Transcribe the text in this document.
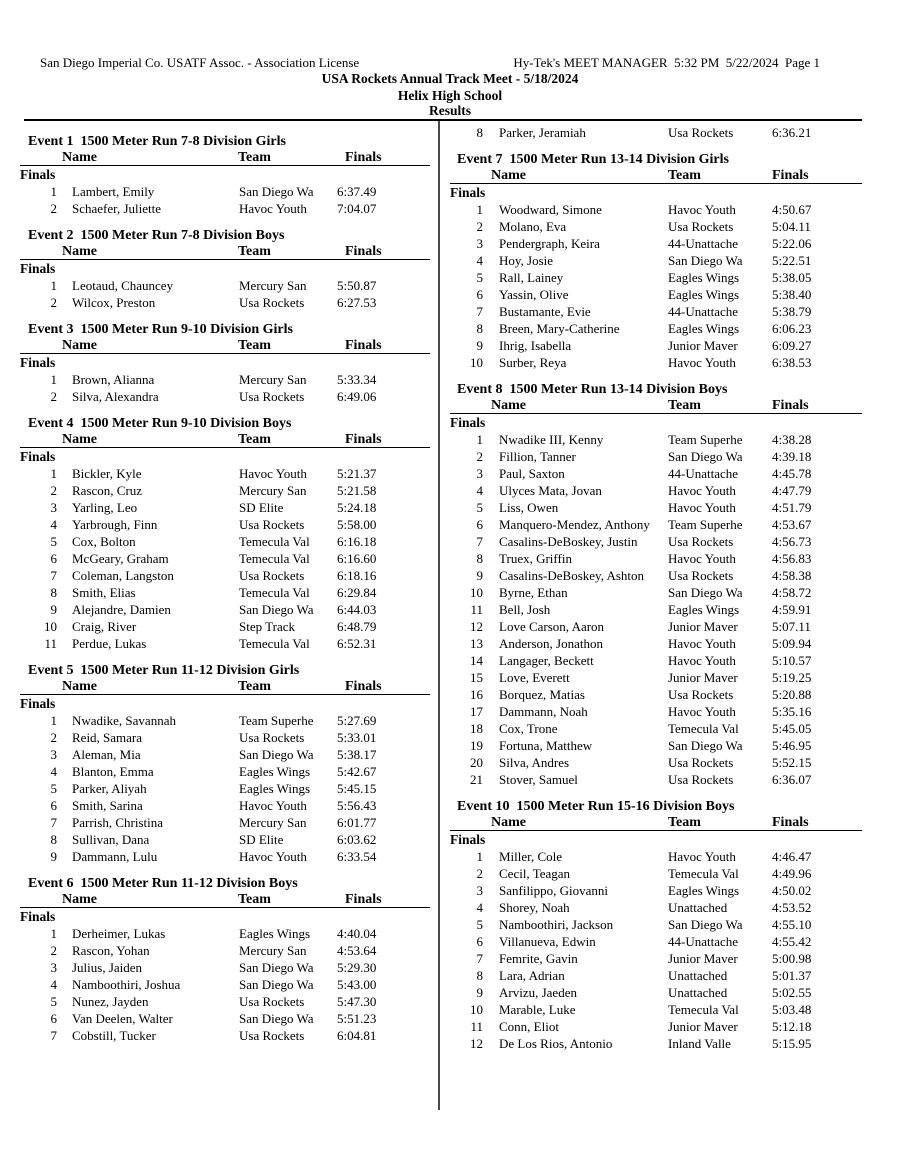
San Diego Imperial Co. USATF Assoc. - Association License	Hy-Tek's MEET MANAGER  5:32 PM  5/22/2024  Page 1
USA Rockets Annual Track Meet - 5/18/2024
Helix High School
Results
Event 1  1500 Meter Run 7-8 Division Girls
Name	Team	Finals
Finals
1	Lambert, Emily	San Diego Wa	6:37.49
2	Schaefer, Juliette	Havoc Youth	7:04.07
Event 2  1500 Meter Run 7-8 Division Boys
Name	Team	Finals
Finals
1	Leotaud, Chauncey	Mercury San	5:50.87
2	Wilcox, Preston	Usa Rockets	6:27.53
Event 3  1500 Meter Run 9-10 Division Girls
Name	Team	Finals
Finals
1	Brown, Alianna	Mercury San	5:33.34
2	Silva, Alexandra	Usa Rockets	6:49.06
Event 4  1500 Meter Run 9-10 Division Boys
Name	Team	Finals
Finals
1	Bickler, Kyle	Havoc Youth	5:21.37
2	Rascon, Cruz	Mercury San	5:21.58
3	Yarling, Leo	SD Elite	5:24.18
4	Yarbrough, Finn	Usa Rockets	5:58.00
5	Cox, Bolton	Temecula Val	6:16.18
6	McGeary, Graham	Temecula Val	6:16.60
7	Coleman, Langston	Usa Rockets	6:18.16
8	Smith, Elias	Temecula Val	6:29.84
9	Alejandre, Damien	San Diego Wa	6:44.03
10	Craig, River	Step Track	6:48.79
11	Perdue, Lukas	Temecula Val	6:52.31
Event 5  1500 Meter Run 11-12 Division Girls
Name	Team	Finals
Finals
1	Nwadike, Savannah	Team Superhe	5:27.69
2	Reid, Samara	Usa Rockets	5:33.01
3	Aleman, Mia	San Diego Wa	5:38.17
4	Blanton, Emma	Eagles Wings	5:42.67
5	Parker, Aliyah	Eagles Wings	5:45.15
6	Smith, Sarina	Havoc Youth	5:56.43
7	Parrish, Christina	Mercury San	6:01.77
8	Sullivan, Dana	SD Elite	6:03.62
9	Dammann, Lulu	Havoc Youth	6:33.54
Event 6  1500 Meter Run 11-12 Division Boys
Name	Team	Finals
Finals
1	Derheimer, Lukas	Eagles Wings	4:40.04
2	Rascon, Yohan	Mercury San	4:53.64
3	Julius, Jaiden	San Diego Wa	5:29.30
4	Namboothiri, Joshua	San Diego Wa	5:43.00
5	Nunez, Jayden	Usa Rockets	5:47.30
6	Van Deelen, Walter	San Diego Wa	5:51.23
7	Cobstill, Tucker	Usa Rockets	6:04.81
8	Parker, Jeramiah	Usa Rockets	6:36.21
Event 7  1500 Meter Run 13-14 Division Girls
Name	Team	Finals
Finals
1	Woodward, Simone	Havoc Youth	4:50.67
2	Molano, Eva	Usa Rockets	5:04.11
3	Pendergraph, Keira	44-Unattache	5:22.06
4	Hoy, Josie	San Diego Wa	5:22.51
5	Rall, Lainey	Eagles Wings	5:38.05
6	Yassin, Olive	Eagles Wings	5:38.40
7	Bustamante, Evie	44-Unattache	5:38.79
8	Breen, Mary-Catherine	Eagles Wings	6:06.23
9	Ihrig, Isabella	Junior Maver	6:09.27
10	Surber, Reya	Havoc Youth	6:38.53
Event 8  1500 Meter Run 13-14 Division Boys
Name	Team	Finals
Finals
1	Nwadike III, Kenny	Team Superhe	4:38.28
2	Fillion, Tanner	San Diego Wa	4:39.18
3	Paul, Saxton	44-Unattache	4:45.78
4	Ulyces Mata, Jovan	Havoc Youth	4:47.79
5	Liss, Owen	Havoc Youth	4:51.79
6	Manquero-Mendez, Anthony	Team Superhe	4:53.67
7	Casalins-DeBoskey, Justin	Usa Rockets	4:56.73
8	Truex, Griffin	Havoc Youth	4:56.83
9	Casalins-DeBoskey, Ashton	Usa Rockets	4:58.38
10	Byrne, Ethan	San Diego Wa	4:58.72
11	Bell, Josh	Eagles Wings	4:59.91
12	Love Carson, Aaron	Junior Maver	5:07.11
13	Anderson, Jonathon	Havoc Youth	5:09.94
14	Langager, Beckett	Havoc Youth	5:10.57
15	Love, Everett	Junior Maver	5:19.25
16	Borquez, Matias	Usa Rockets	5:20.88
17	Dammann, Noah	Havoc Youth	5:35.16
18	Cox, Trone	Temecula Val	5:45.05
19	Fortuna, Matthew	San Diego Wa	5:46.95
20	Silva, Andres	Usa Rockets	5:52.15
21	Stover, Samuel	Usa Rockets	6:36.07
Event 10  1500 Meter Run 15-16 Division Boys
Name	Team	Finals
Finals
1	Miller, Cole	Havoc Youth	4:46.47
2	Cecil, Teagan	Temecula Val	4:49.96
3	Sanfilippo, Giovanni	Eagles Wings	4:50.02
4	Shorey, Noah	Unattached	4:53.52
5	Namboothiri, Jackson	San Diego Wa	4:55.10
6	Villanueva, Edwin	44-Unattache	4:55.42
7	Femrite, Gavin	Junior Maver	5:00.98
8	Lara, Adrian	Unattached	5:01.37
9	Arvizu, Jaeden	Unattached	5:02.55
10	Marable, Luke	Temecula Val	5:03.48
11	Conn, Eliot	Junior Maver	5:12.18
12	De Los Rios, Antonio	Inland Valle	5:15.95
